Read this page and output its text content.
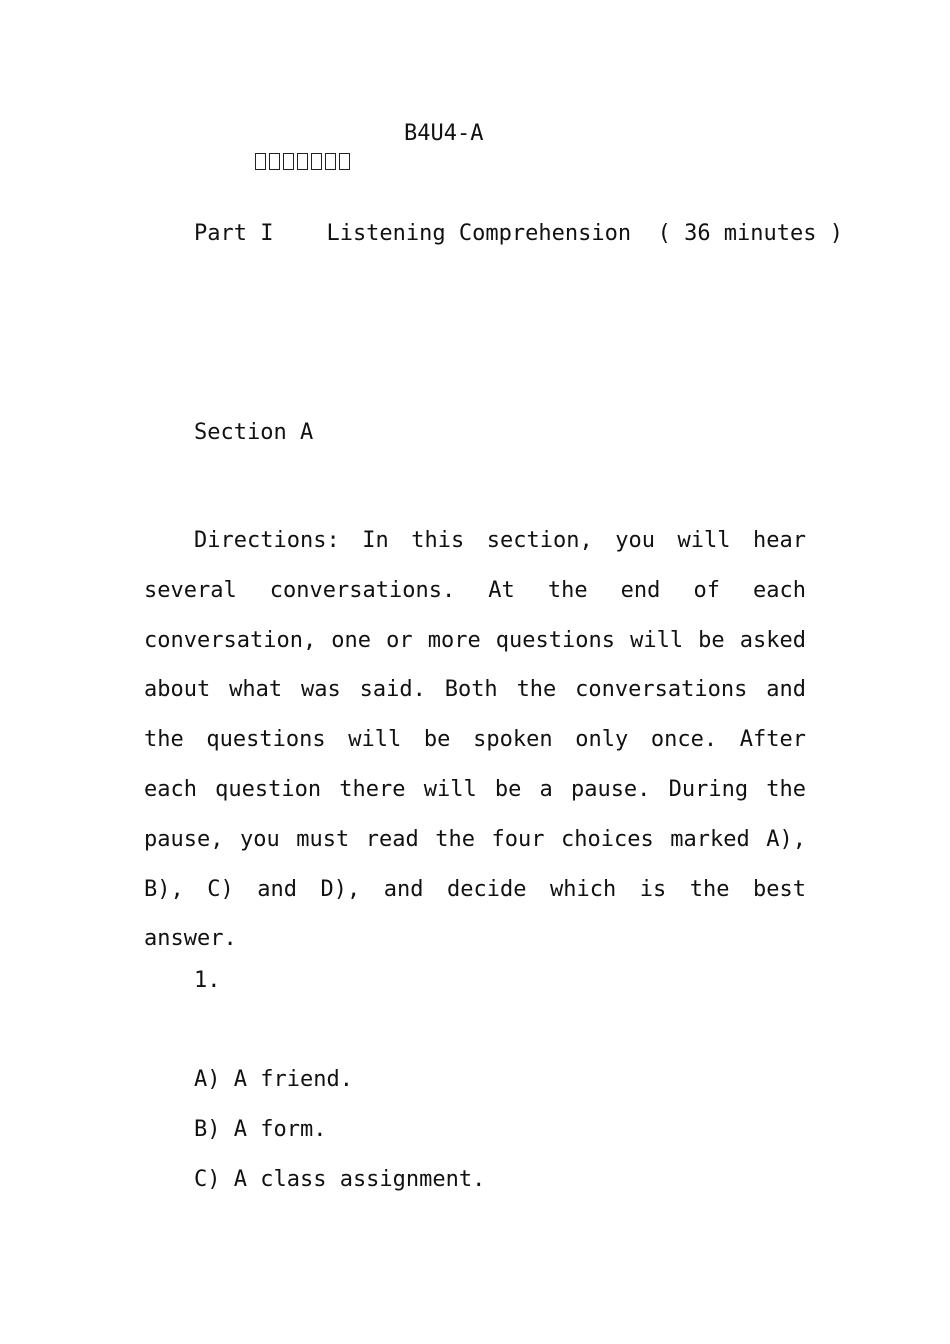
B4U4-A
Part I    Listening Comprehension  ( 36 minutes )
Section A
Directions: In this section, you will hear several conversations. At the end of each conversation, one or more questions will be asked about what was said. Both the conversations and the questions will be spoken only once. After each question there will be a pause. During the pause, you must read the four choices marked A), B), C) and D), and decide which is the best answer.
1.
A) A friend.
B) A form.
C) A class assignment.
